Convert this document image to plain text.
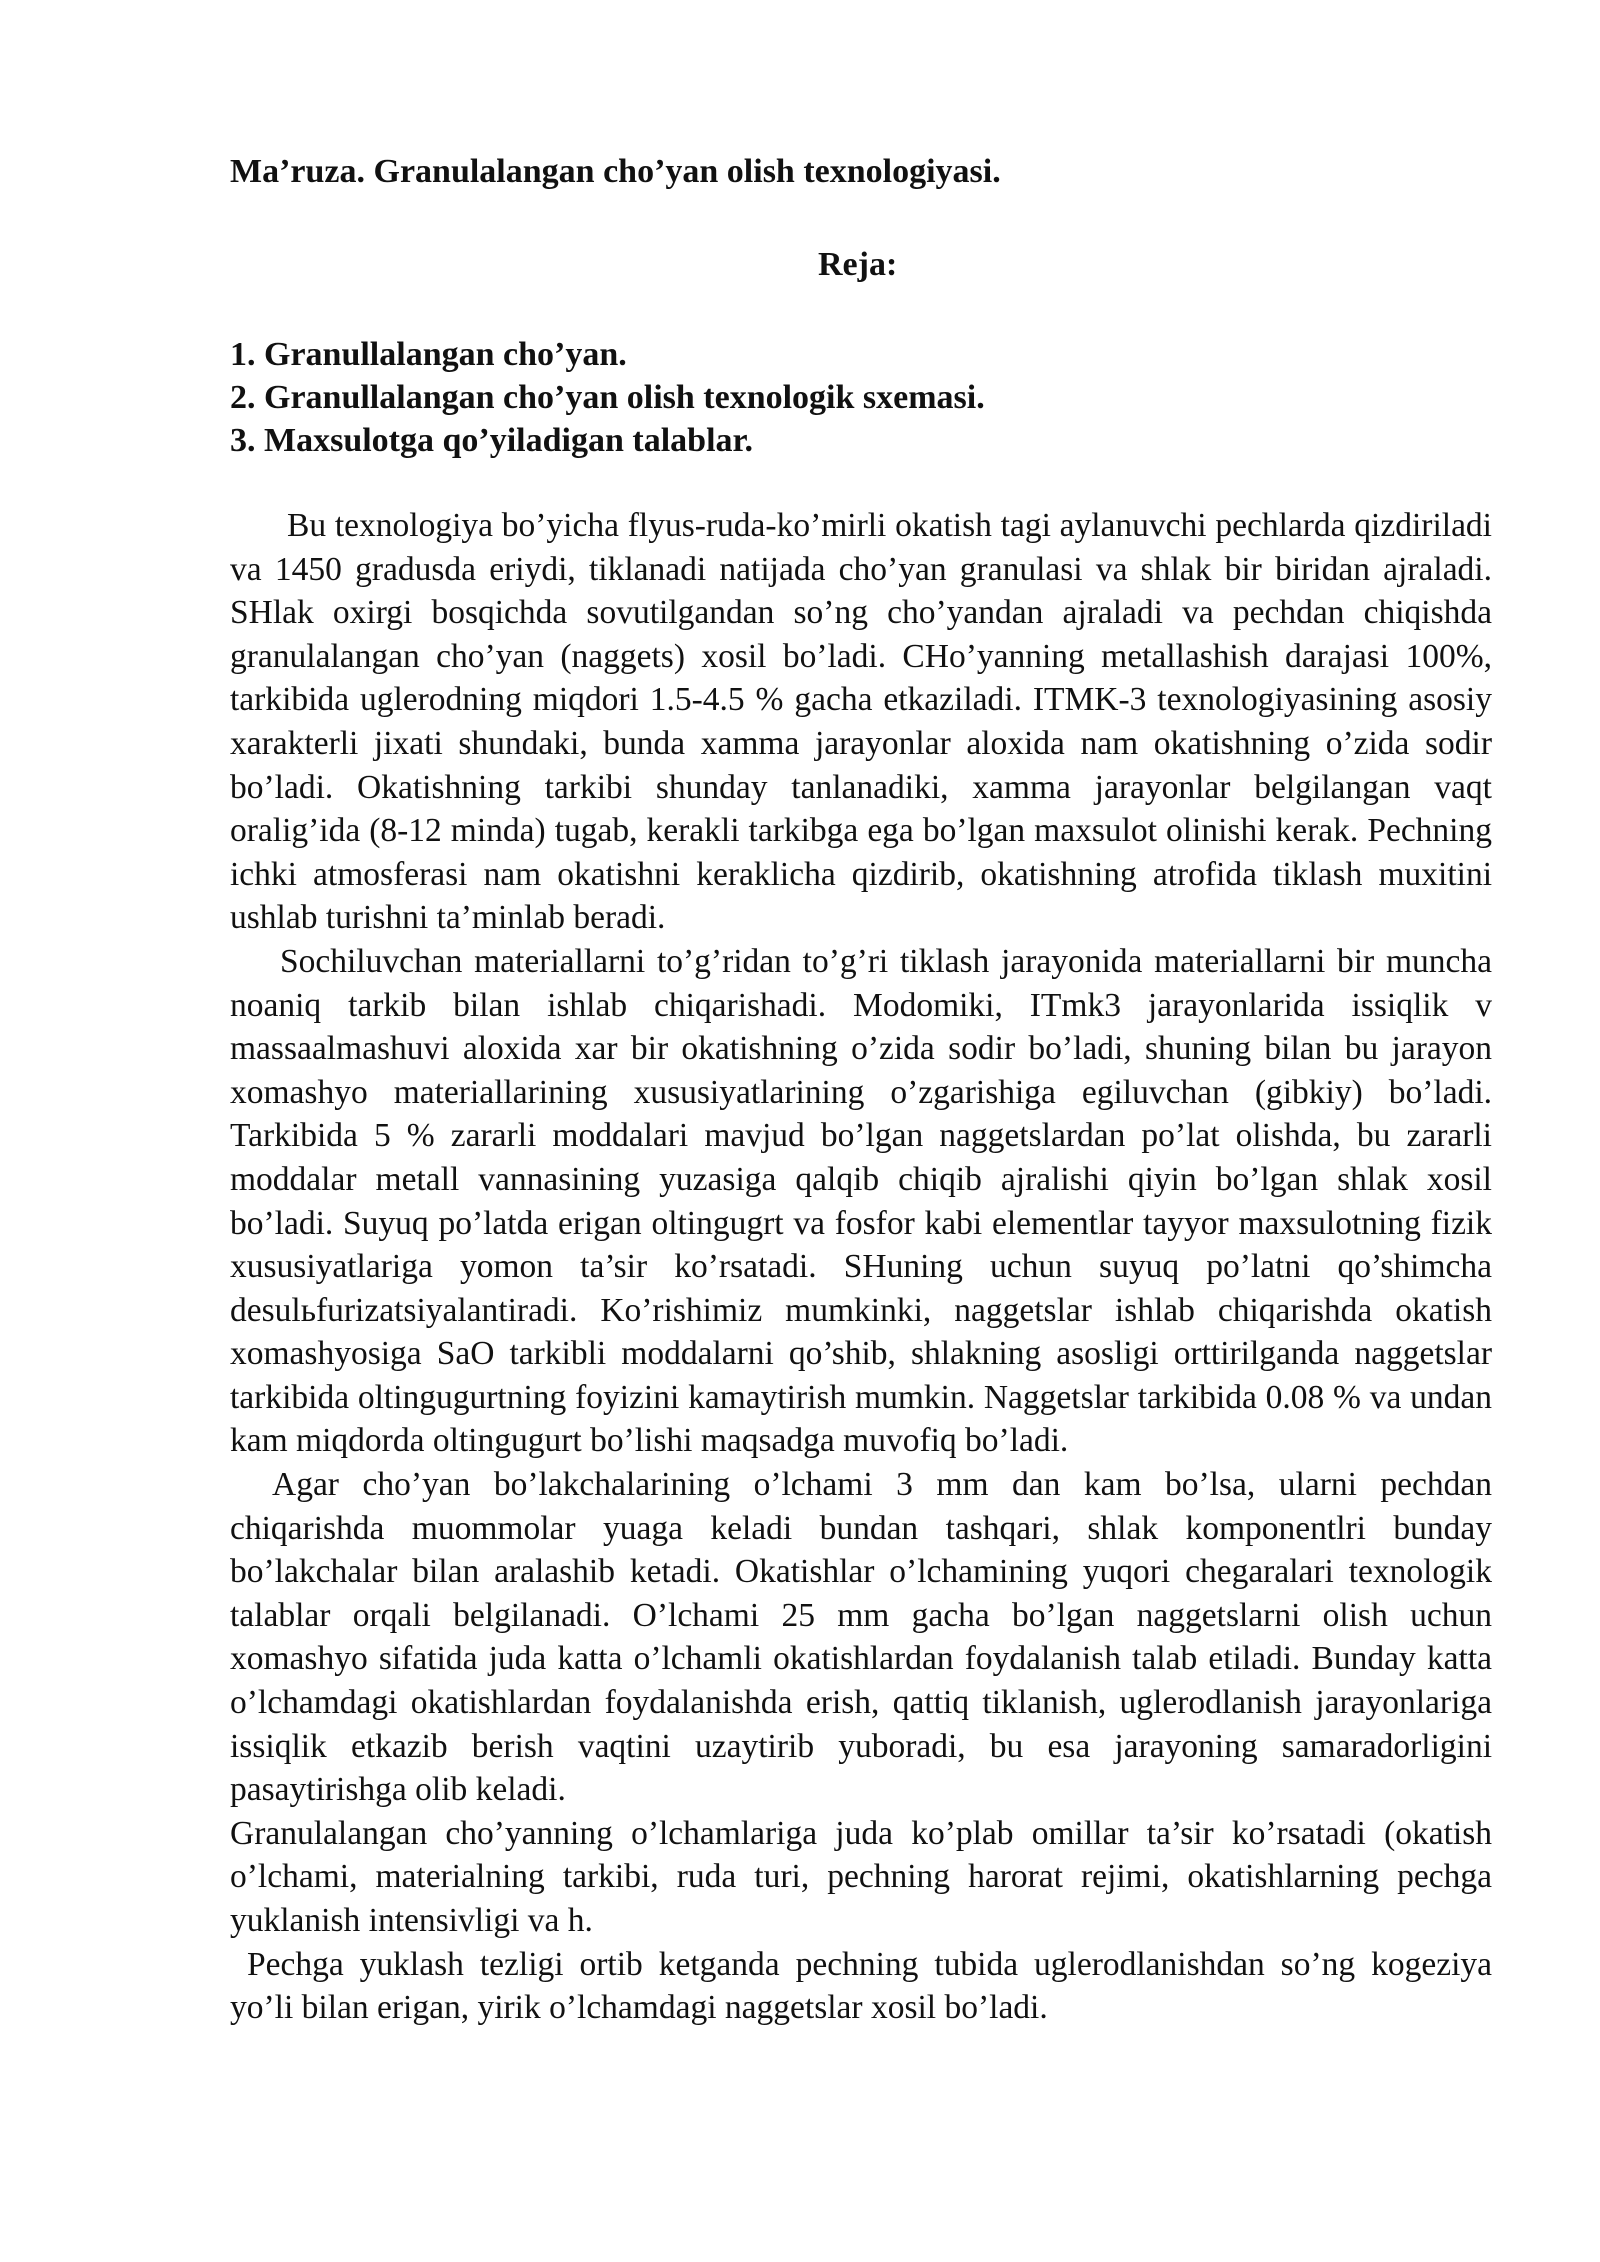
Ma’ruza. Granulalangan cho’yan olish texnologiyasi.
Reja:
1. Granullalangan cho’yan.
2. Granullalangan cho’yan olish texnologik sxemasi.
3. Maxsulotga qo’yiladigan talablar.

Bu texnologiya bo’yicha flyus-ruda-ko’mirli okatish tagi aylanuvchi pechlarda qizdiriladi va 1450 gradusda eriydi, tiklanadi natijada cho’yan granulasi va shlak bir biridan ajraladi. SHlak oxirgi bosqichda sovutilgandan so’ng cho’yandan ajraladi va pechdan chiqishda granulalangan cho’yan (naggets) xosil bo’ladi. CHo’yanning metallashish darajasi 100%, tarkibida uglerodning miqdori 1.5-4.5 % gacha etkaziladi. ITMK-3 texnologiyasining asosiy xarakterli jixati shundaki, bunda xamma jarayonlar aloxida nam okatishning o’zida sodir bo’ladi. Okatishning tarkibi shunday tanlanadiki, xamma jarayonlar belgilangan vaqt oralig’ida (8-12 minda) tugab, kerakli tarkibga ega bo’lgan maxsulot olinishi kerak. Pechning ichki atmosferasi nam okatishni keraklicha qizdirib, okatishning atrofida tiklash muxitini ushlab turishni ta’minlab beradi.

Sochiluvchan materiallarni to’g’ridan to’g’ri tiklash jarayonida materiallarni bir muncha noaniq tarkib bilan ishlab chiqarishadi. Modomiki, ITmk3 jarayonlarida issiqlik v massaalmashuvi aloxida xar bir okatishning o’zida sodir bo’ladi, shuning bilan bu jarayon xomashyo materiallarining xususiyatlarining o’zgarishiga egiluvchan (gibkiy) bo’ladi. Tarkibida 5 % zararli moddalari mavjud bo’lgan naggetslardan po’lat olishda, bu zararli moddalar metall vannasining yuzasiga qalqib chiqib ajralishi qiyin bo’lgan shlak xosil bo’ladi. Suyuq po’latda erigan oltingugrt va fosfor kabi elementlar tayyor maxsulotning fizik xususiyatlariga yomon ta’sir ko’rsatadi. SHuning uchun suyuq po’latni qo’shimcha desulьfurizatsiyalantiradi. Ko’rishimiz mumkinki, naggetslar ishlab chiqarishda okatish xomashyosiga SaO tarkibli moddalarni qo’shib, shlakning asosligi orttirilganda naggetslar tarkibida oltingugurtning foyizini kamaytirish mumkin. Naggetslar tarkibida 0.08 % va undan kam miqdorda oltingugurt bo’lishi maqsadga muvofiq bo’ladi.

Agar cho’yan bo’lakchalarining o’lchami 3 mm dan kam bo’lsa, ularni pechdan chiqarishda muommolar yuaga keladi bundan tashqari, shlak komponentlri bunday bo’lakchalar bilan aralashib ketadi. Okatishlar o’lchamining yuqori chegaralari texnologik talablar orqali belgilanadi. O’lchami 25 mm gacha bo’lgan naggetslarni olish uchun xomashyo sifatida juda katta o’lchamli okatishlardan foydalanish talab etiladi. Bunday katta o’lchamdagi okatishlardan foydalanishda erish, qattiq tiklanish, uglerodlanish jarayonlariga issiqlik etkazib berish vaqtini uzaytirib yuboradi, bu esa jarayoning samaradorligini pasaytirishga olib keladi.

Granulalangan cho’yanning o’lchamlariga juda ko’plab omillar ta’sir ko’rsatadi (okatish o’lchami, materialning tarkibi, ruda turi, pechning harorat rejimi, okatishlarning pechga yuklanish intensivligi va h.

Pechga yuklash tezligi ortib ketganda pechning tubida uglerodlanishdan so’ng kogeziya yo’li bilan erigan, yirik o’lchamdagi naggetslar xosil bo’ladi.
